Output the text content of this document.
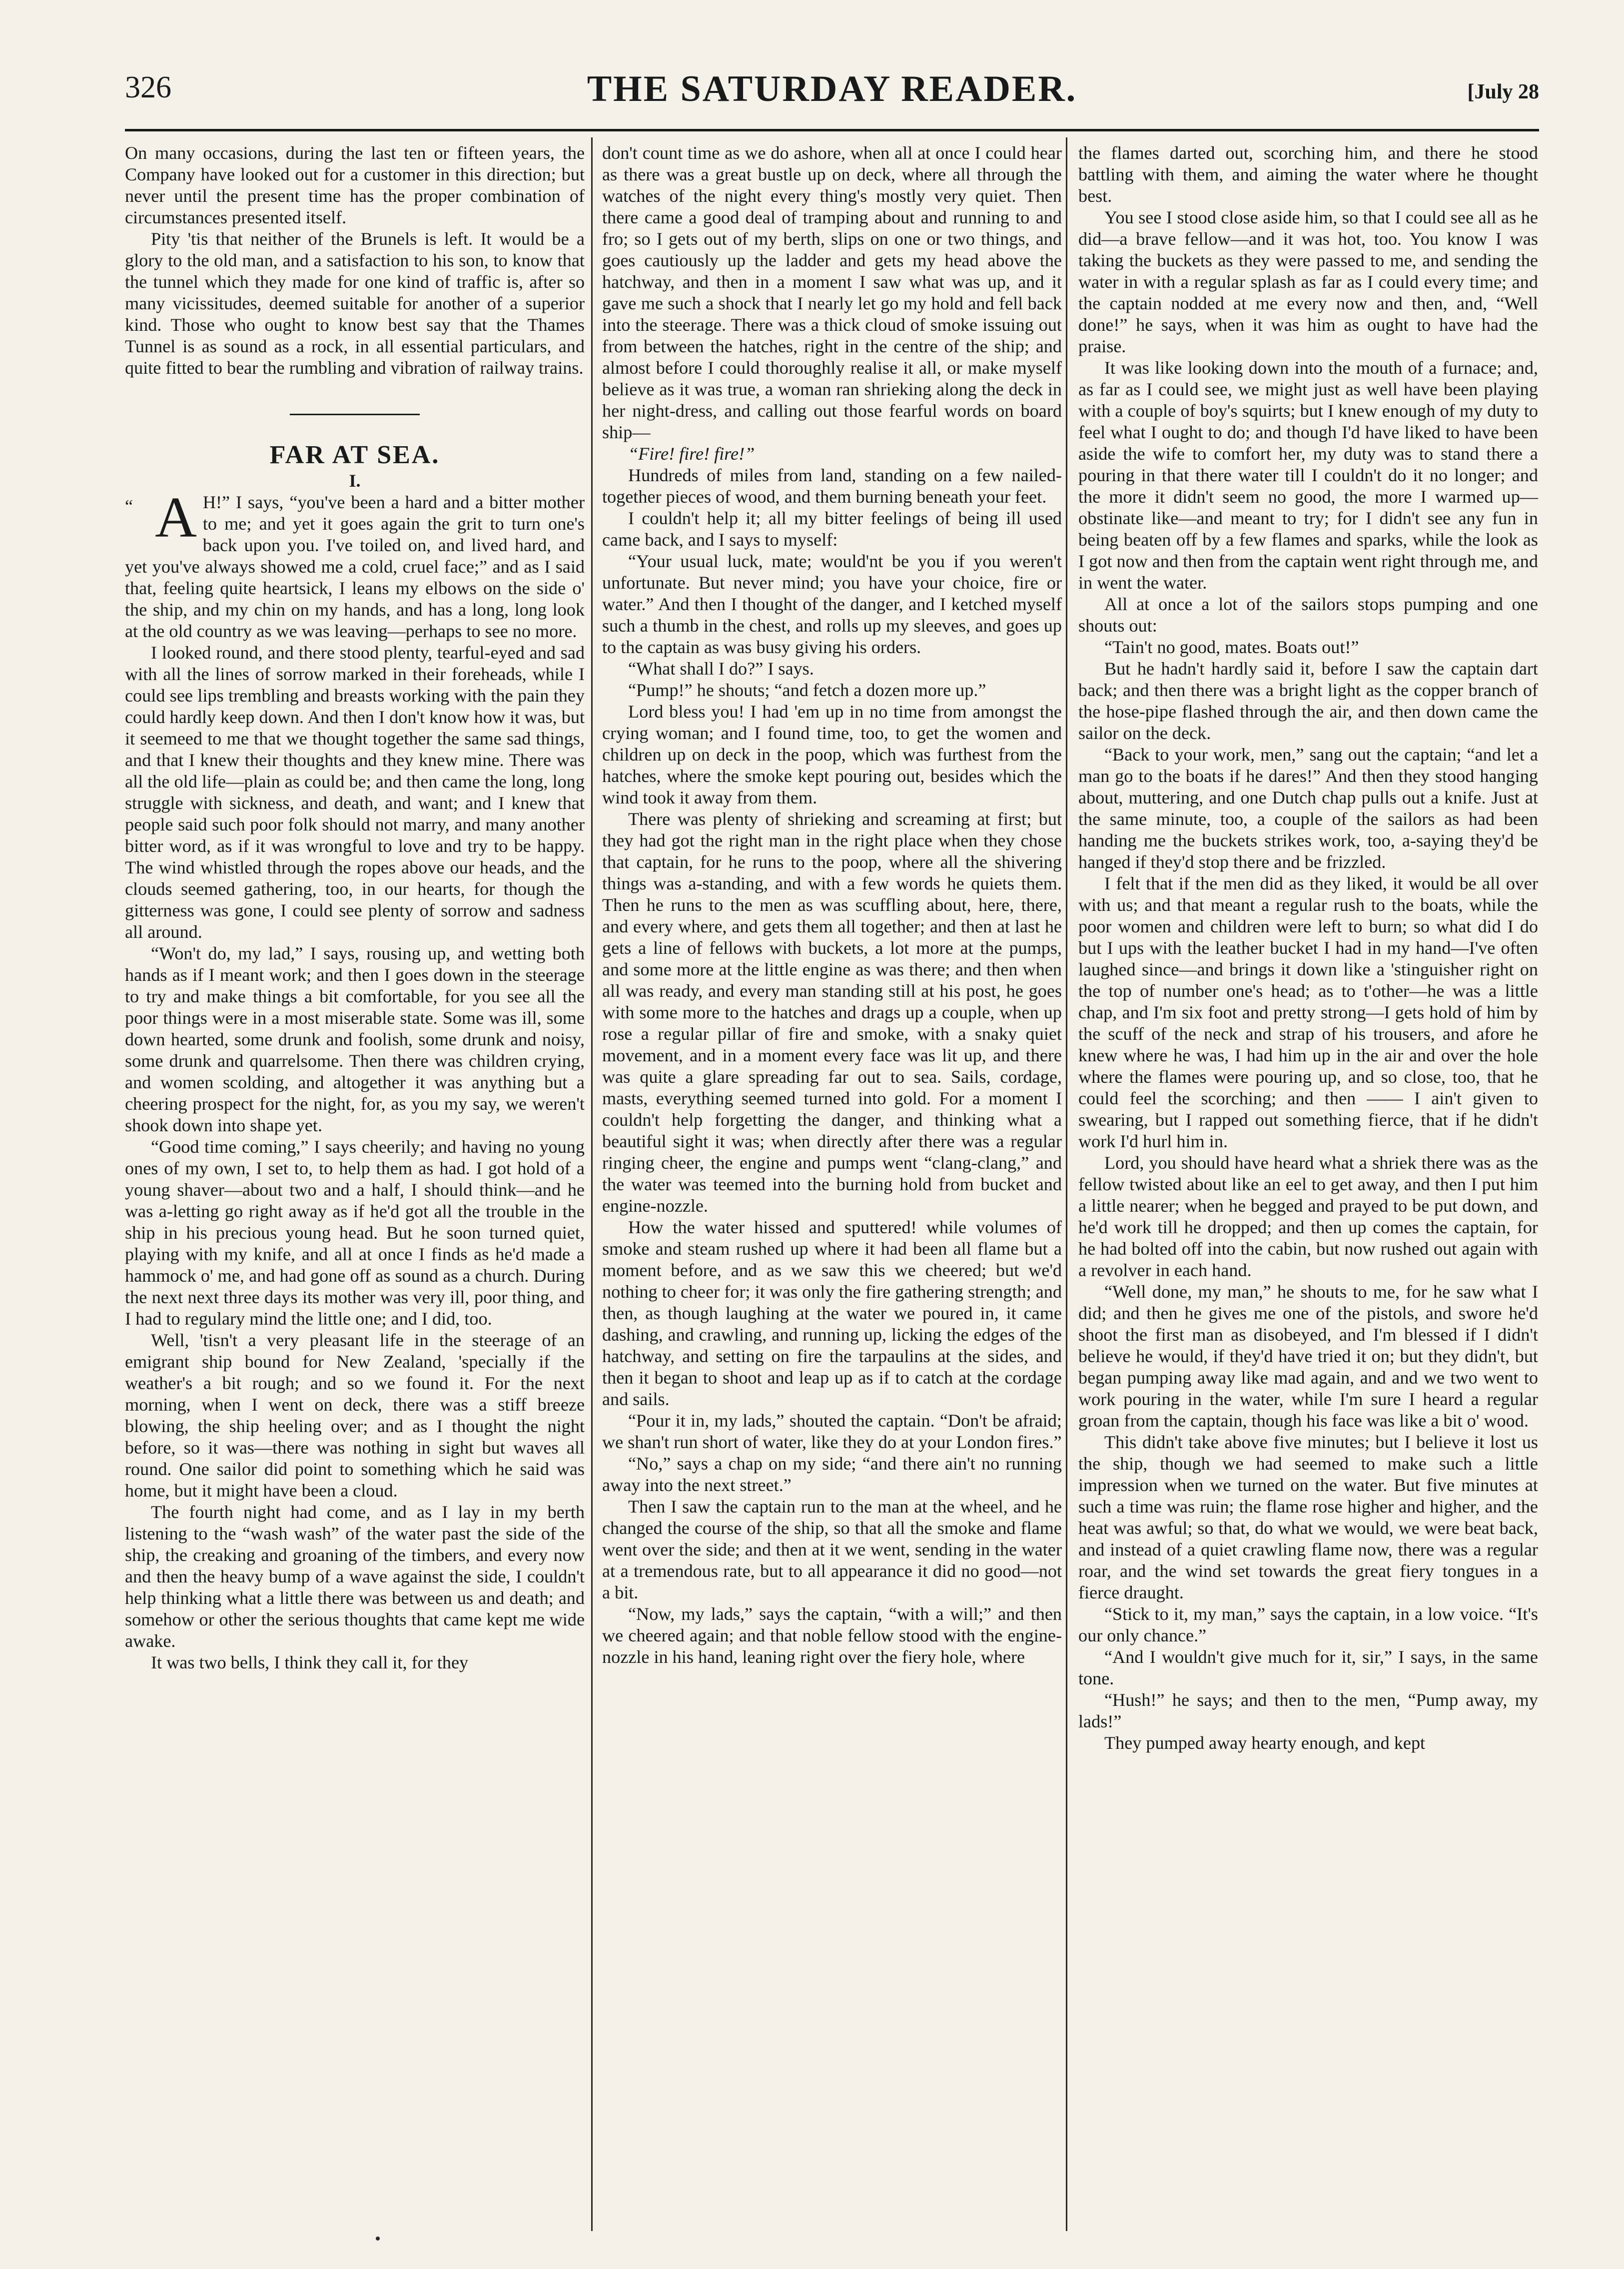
326	THE SATURDAY READER.	[July 28

On many occasions, during the last ten or fifteen years, the Company have looked out for a customer in this direction; but never until the present time has the proper combination of circumstances presented itself.

Pity 'tis that neither of the Brunels is left. It would be a glory to the old man, and a satisfaction to his son, to know that the tunnel which they made for one kind of traffic is, after so many vicissitudes, deemed suitable for another of a superior kind. Those who ought to know best say that the Thames Tunnel is as sound as a rock, in all essential particulars, and quite fitted to bear the rumbling and vibration of railway trains.

FAR AT SEA.

I.

“ A H!” I says, “you've been a hard and a bitter mother to me; and yet it goes again the grit to turn one's back upon you. I've toiled on, and lived hard, and yet you've always showed me a cold, cruel face;” and as I said that, feeling quite heartsick, I leans my elbows on the side o' the ship, and my chin on my hands, and has a long, long look at the old country as we was leaving—perhaps to see no more.

I looked round, and there stood plenty, tearful-eyed and sad with all the lines of sorrow marked in their foreheads, while I could see lips trembling and breasts working with the pain they could hardly keep down. And then I don't know how it was, but it seemeed to me that we thought together the same sad things, and that I knew their thoughts and they knew mine. There was all the old life—plain as could be; and then came the long, long struggle with sickness, and death, and want; and I knew that people said such poor folk should not marry, and many another bitter word, as if it was wrongful to love and try to be happy. The wind whistled through the ropes above our heads, and the clouds seemed gathering, too, in our hearts, for though the gitterness was gone, I could see plenty of sorrow and sadness all around.

“Won't do, my lad,” I says, rousing up, and wetting both hands as if I meant work; and then I goes down in the steerage to try and make things a bit comfortable, for you see all the poor things were in a most miserable state. Some was ill, some down hearted, some drunk and foolish, some drunk and noisy, some drunk and quarrelsome. Then there was children crying, and women scolding, and altogether it was anything but a cheering prospect for the night, for, as you my say, we weren't shook down into shape yet.

“Good time coming,” I says cheerily; and having no young ones of my own, I set to, to help them as had. I got hold of a young shaver—about two and a half, I should think—and he was a-letting go right away as if he'd got all the trouble in the ship in his precious young head. But he soon turned quiet, playing with my knife, and all at once I finds as he'd made a hammock o' me, and had gone off as sound as a church. During the next next three days its mother was very ill, poor thing, and I had to regulary mind the little one; and I did, too.

Well, 'tisn't a very pleasant life in the steerage of an emigrant ship bound for New Zealand, 'specially if the weather's a bit rough; and so we found it. For the next morning, when I went on deck, there was a stiff breeze blowing, the ship heeling over; and as I thought the night before, so it was—there was nothing in sight but waves all round. One sailor did point to something which he said was home, but it might have been a cloud.

The fourth night had come, and as I lay in my berth listening to the “wash wash” of the water past the side of the ship, the creaking and groaning of the timbers, and every now and then the heavy bump of a wave against the side, I couldn't help thinking what a little there was between us and death; and somehow or other the serious thoughts that came kept me wide awake.

It was two bells, I think they call it, for they

don't count time as we do ashore, when all at once I could hear as there was a great bustle up on deck, where all through the watches of the night every thing's mostly very quiet. Then there came a good deal of tramping about and running to and fro; so I gets out of my berth, slips on one or two things, and goes cautiously up the ladder and gets my head above the hatchway, and then in a moment I saw what was up, and it gave me such a shock that I nearly let go my hold and fell back into the steerage. There was a thick cloud of smoke issuing out from between the hatches, right in the centre of the ship; and almost before I could thoroughly realise it all, or make myself believe as it was true, a woman ran shrieking along the deck in her night-dress, and calling out those fearful words on board ship—

“Fire! fire! fire!”

Hundreds of miles from land, standing on a few nailed-together pieces of wood, and them burning beneath your feet.

I couldn't help it; all my bitter feelings of being ill used came back, and I says to myself:

“Your usual luck, mate; would'nt be you if you weren't unfortunate. But never mind; you have your choice, fire or water.” And then I thought of the danger, and I ketched myself such a thumb in the chest, and rolls up my sleeves, and goes up to the captain as was busy giving his orders.

“What shall I do?” I says.

“Pump!” he shouts; “and fetch a dozen more up.”

Lord bless you! I had 'em up in no time from amongst the crying woman; and I found time, too, to get the women and children up on deck in the poop, which was furthest from the hatches, where the smoke kept pouring out, besides which the wind took it away from them.

There was plenty of shrieking and screaming at first; but they had got the right man in the right place when they chose that captain, for he runs to the poop, where all the shivering things was a-standing, and with a few words he quiets them. Then he runs to the men as was scuffling about, here, there, and every where, and gets them all together; and then at last he gets a line of fellows with buckets, a lot more at the pumps, and some more at the little engine as was there; and then when all was ready, and every man standing still at his post, he goes with some more to the hatches and drags up a couple, when up rose a regular pillar of fire and smoke, with a snaky quiet movement, and in a moment every face was lit up, and there was quite a glare spreading far out to sea. Sails, cordage, masts, everything seemed turned into gold. For a moment I couldn't help forgetting the danger, and thinking what a beautiful sight it was; when directly after there was a regular ringing cheer, the engine and pumps went “clang-clang,” and the water was teemed into the burning hold from bucket and engine-nozzle.

How the water hissed and sputtered! while volumes of smoke and steam rushed up where it had been all flame but a moment before, and as we saw this we cheered; but we'd nothing to cheer for; it was only the fire gathering strength; and then, as though laughing at the water we poured in, it came dashing, and crawling, and running up, licking the edges of the hatchway, and setting on fire the tarpaulins at the sides, and then it began to shoot and leap up as if to catch at the cordage and sails.

“Pour it in, my lads,” shouted the captain. “Don't be afraid; we shan't run short of water, like they do at your London fires.”

“No,” says a chap on my side; “and there ain't no running away into the next street.”

Then I saw the captain run to the man at the wheel, and he changed the course of the ship, so that all the smoke and flame went over the side; and then at it we went, sending in the water at a tremendous rate, but to all appearance it did no good—not a bit.

“Now, my lads,” says the captain, “with a will;” and then we cheered again; and that noble fellow stood with the engine-nozzle in his hand, leaning right over the fiery hole, where

the flames darted out, scorching him, and there he stood battling with them, and aiming the water where he thought best.

You see I stood close aside him, so that I could see all as he did—a brave fellow—and it was hot, too. You know I was taking the buckets as they were passed to me, and sending the water in with a regular splash as far as I could every time; and the captain nodded at me every now and then, and, “Well done!” he says, when it was him as ought to have had the praise.

It was like looking down into the mouth of a furnace; and, as far as I could see, we might just as well have been playing with a couple of boy's squirts; but I knew enough of my duty to feel what I ought to do; and though I'd have liked to have been aside the wife to comfort her, my duty was to stand there a pouring in that there water till I couldn't do it no longer; and the more it didn't seem no good, the more I warmed up—obstinate like—and meant to try; for I didn't see any fun in being beaten off by a few flames and sparks, while the look as I got now and then from the captain went right through me, and in went the water.

All at once a lot of the sailors stops pumping and one shouts out:

“Tain't no good, mates. Boats out!”

But he hadn't hardly said it, before I saw the captain dart back; and then there was a bright light as the copper branch of the hose-pipe flashed through the air, and then down came the sailor on the deck.

“Back to your work, men,” sang out the captain; “and let a man go to the boats if he dares!” And then they stood hanging about, muttering, and one Dutch chap pulls out a knife. Just at the same minute, too, a couple of the sailors as had been handing me the buckets strikes work, too, a-saying they'd be hanged if they'd stop there and be frizzled.

I felt that if the men did as they liked, it would be all over with us; and that meant a regular rush to the boats, while the poor women and children were left to burn; so what did I do but I ups with the leather bucket I had in my hand—I've often laughed since—and brings it down like a 'stinguisher right on the top of number one's head; as to t'other—he was a little chap, and I'm six foot and pretty strong—I gets hold of him by the scuff of the neck and strap of his trousers, and afore he knew where he was, I had him up in the air and over the hole where the flames were pouring up, and so close, too, that he could feel the scorching; and then —— I ain't given to swearing, but I rapped out something fierce, that if he didn't work I'd hurl him in.

Lord, you should have heard what a shriek there was as the fellow twisted about like an eel to get away, and then I put him a little nearer; when he begged and prayed to be put down, and he'd work till he dropped; and then up comes the captain, for he had bolted off into the cabin, but now rushed out again with a revolver in each hand.

“Well done, my man,” he shouts to me, for he saw what I did; and then he gives me one of the pistols, and swore he'd shoot the first man as disobeyed, and I'm blessed if I didn't believe he would, if they'd have tried it on; but they didn't, but began pumping away like mad again, and and we two went to work pouring in the water, while I'm sure I heard a regular groan from the captain, though his face was like a bit o' wood.

This didn't take above five minutes; but I believe it lost us the ship, though we had seemed to make such a little impression when we turned on the water. But five minutes at such a time was ruin; the flame rose higher and higher, and the heat was awful; so that, do what we would, we were beat back, and instead of a quiet crawling flame now, there was a regular roar, and the wind set towards the great fiery tongues in a fierce draught.

“Stick to it, my man,” says the captain, in a low voice. “It's our only chance.”

“And I wouldn't give much for it, sir,” I says, in the same tone.

“Hush!” he says; and then to the men, “Pump away, my lads!”

They pumped away hearty enough, and kept
